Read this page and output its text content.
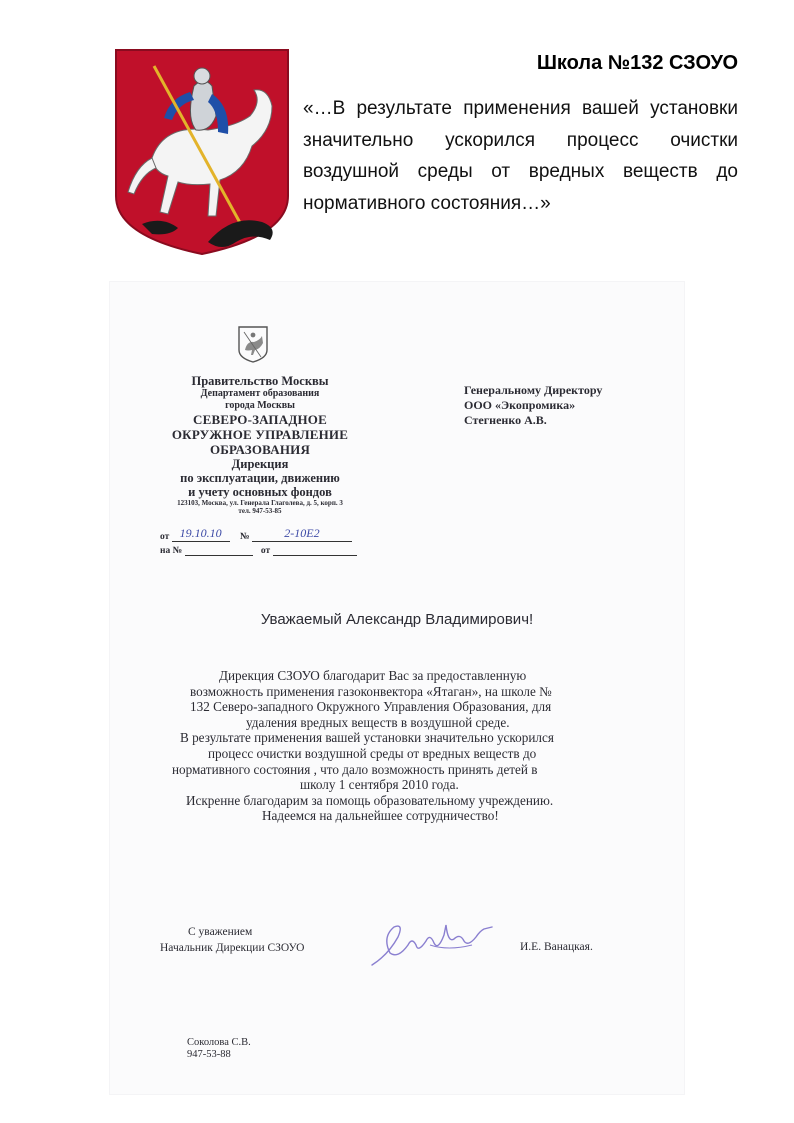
Школа №132 СЗОУО
«…В результате применения вашей установки значительно ускорился процесс очистки воздушной среды от вредных веществ до нормативного состояния…»
Правительство Москвы
Департамент образования
города Москвы
СЕВЕРО-ЗАПАДНОЕ
ОКРУЖНОЕ УПРАВЛЕНИЕ
ОБРАЗОВАНИЯ
Дирекция
по эксплуатации, движению
и учету основных фондов
123103, Москва, ул. Генерала Глаголева, д. 5, корп. 3
тел. 947-53-85
Генеральному Директору
ООО «Экопромика»
Стегненко А.В.
от 19.10.10 №	2-10E2
на №	от
Уважаемый Александр Владимирович!
Дирекция СЗОУО благодарит Вас за предоставленную
возможность применения газоконвектора «Ятаган», на школе №
132 Северо-западного Окружного Управления Образования, для
удаления вредных веществ в воздушной среде.
В результате применения вашей установки значительно ускорился
процесс очистки воздушной среды от вредных веществ до
нормативного состояния , что дало возможность принять детей в
школу 1 сентября 2010 года.
Искренне благодарим за помощь образовательному учреждению.
Надеемся на дальнейшее сотрудничество!
С уважением
Начальник Дирекции СЗОУО	И.Е. Ванацкая.
Соколова С.В.
947-53-88
